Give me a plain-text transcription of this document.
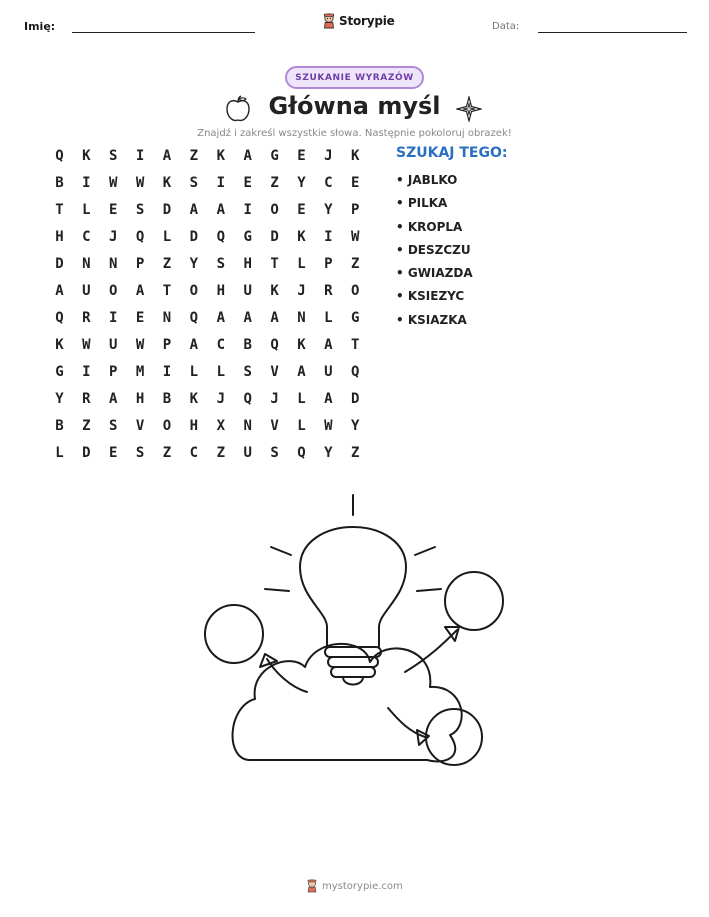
Imię:	Storypie	Data:
SZUKANIE WYRAZÓW
Główna myśl
Znajdź i zakreśl wszystkie słowa. Następnie pokoloruj obrazek!
Q	K	S	I	A	Z	K	A	G	E	J	K
B	I	W	W	K	S	I	E	Z	Y	C	E
T	L	E	S	D	A	A	I	O	E	Y	P
H	C	J	Q	L	D	Q	G	D	K	I	W
D	N	N	P	Z	Y	S	H	T	L	P	Z
A	U	O	A	T	O	H	U	K	J	R	O
Q	R	I	E	N	Q	A	A	A	N	L	G
K	W	U	W	P	A	C	B	Q	K	A	T
G	I	P	M	I	L	L	S	V	A	U	Q
Y	R	A	H	B	K	J	Q	J	L	A	D
B	Z	S	V	O	H	X	N	V	L	W	Y
L	D	E	S	Z	C	Z	U	S	Q	Y	Z
SZUKAJ TEGO:
• JABLKO
• PILKA
• KROPLA
• DESZCZU
• GWIAZDA
• KSIEZYC
• KSIAZKA
mystorypie.com
